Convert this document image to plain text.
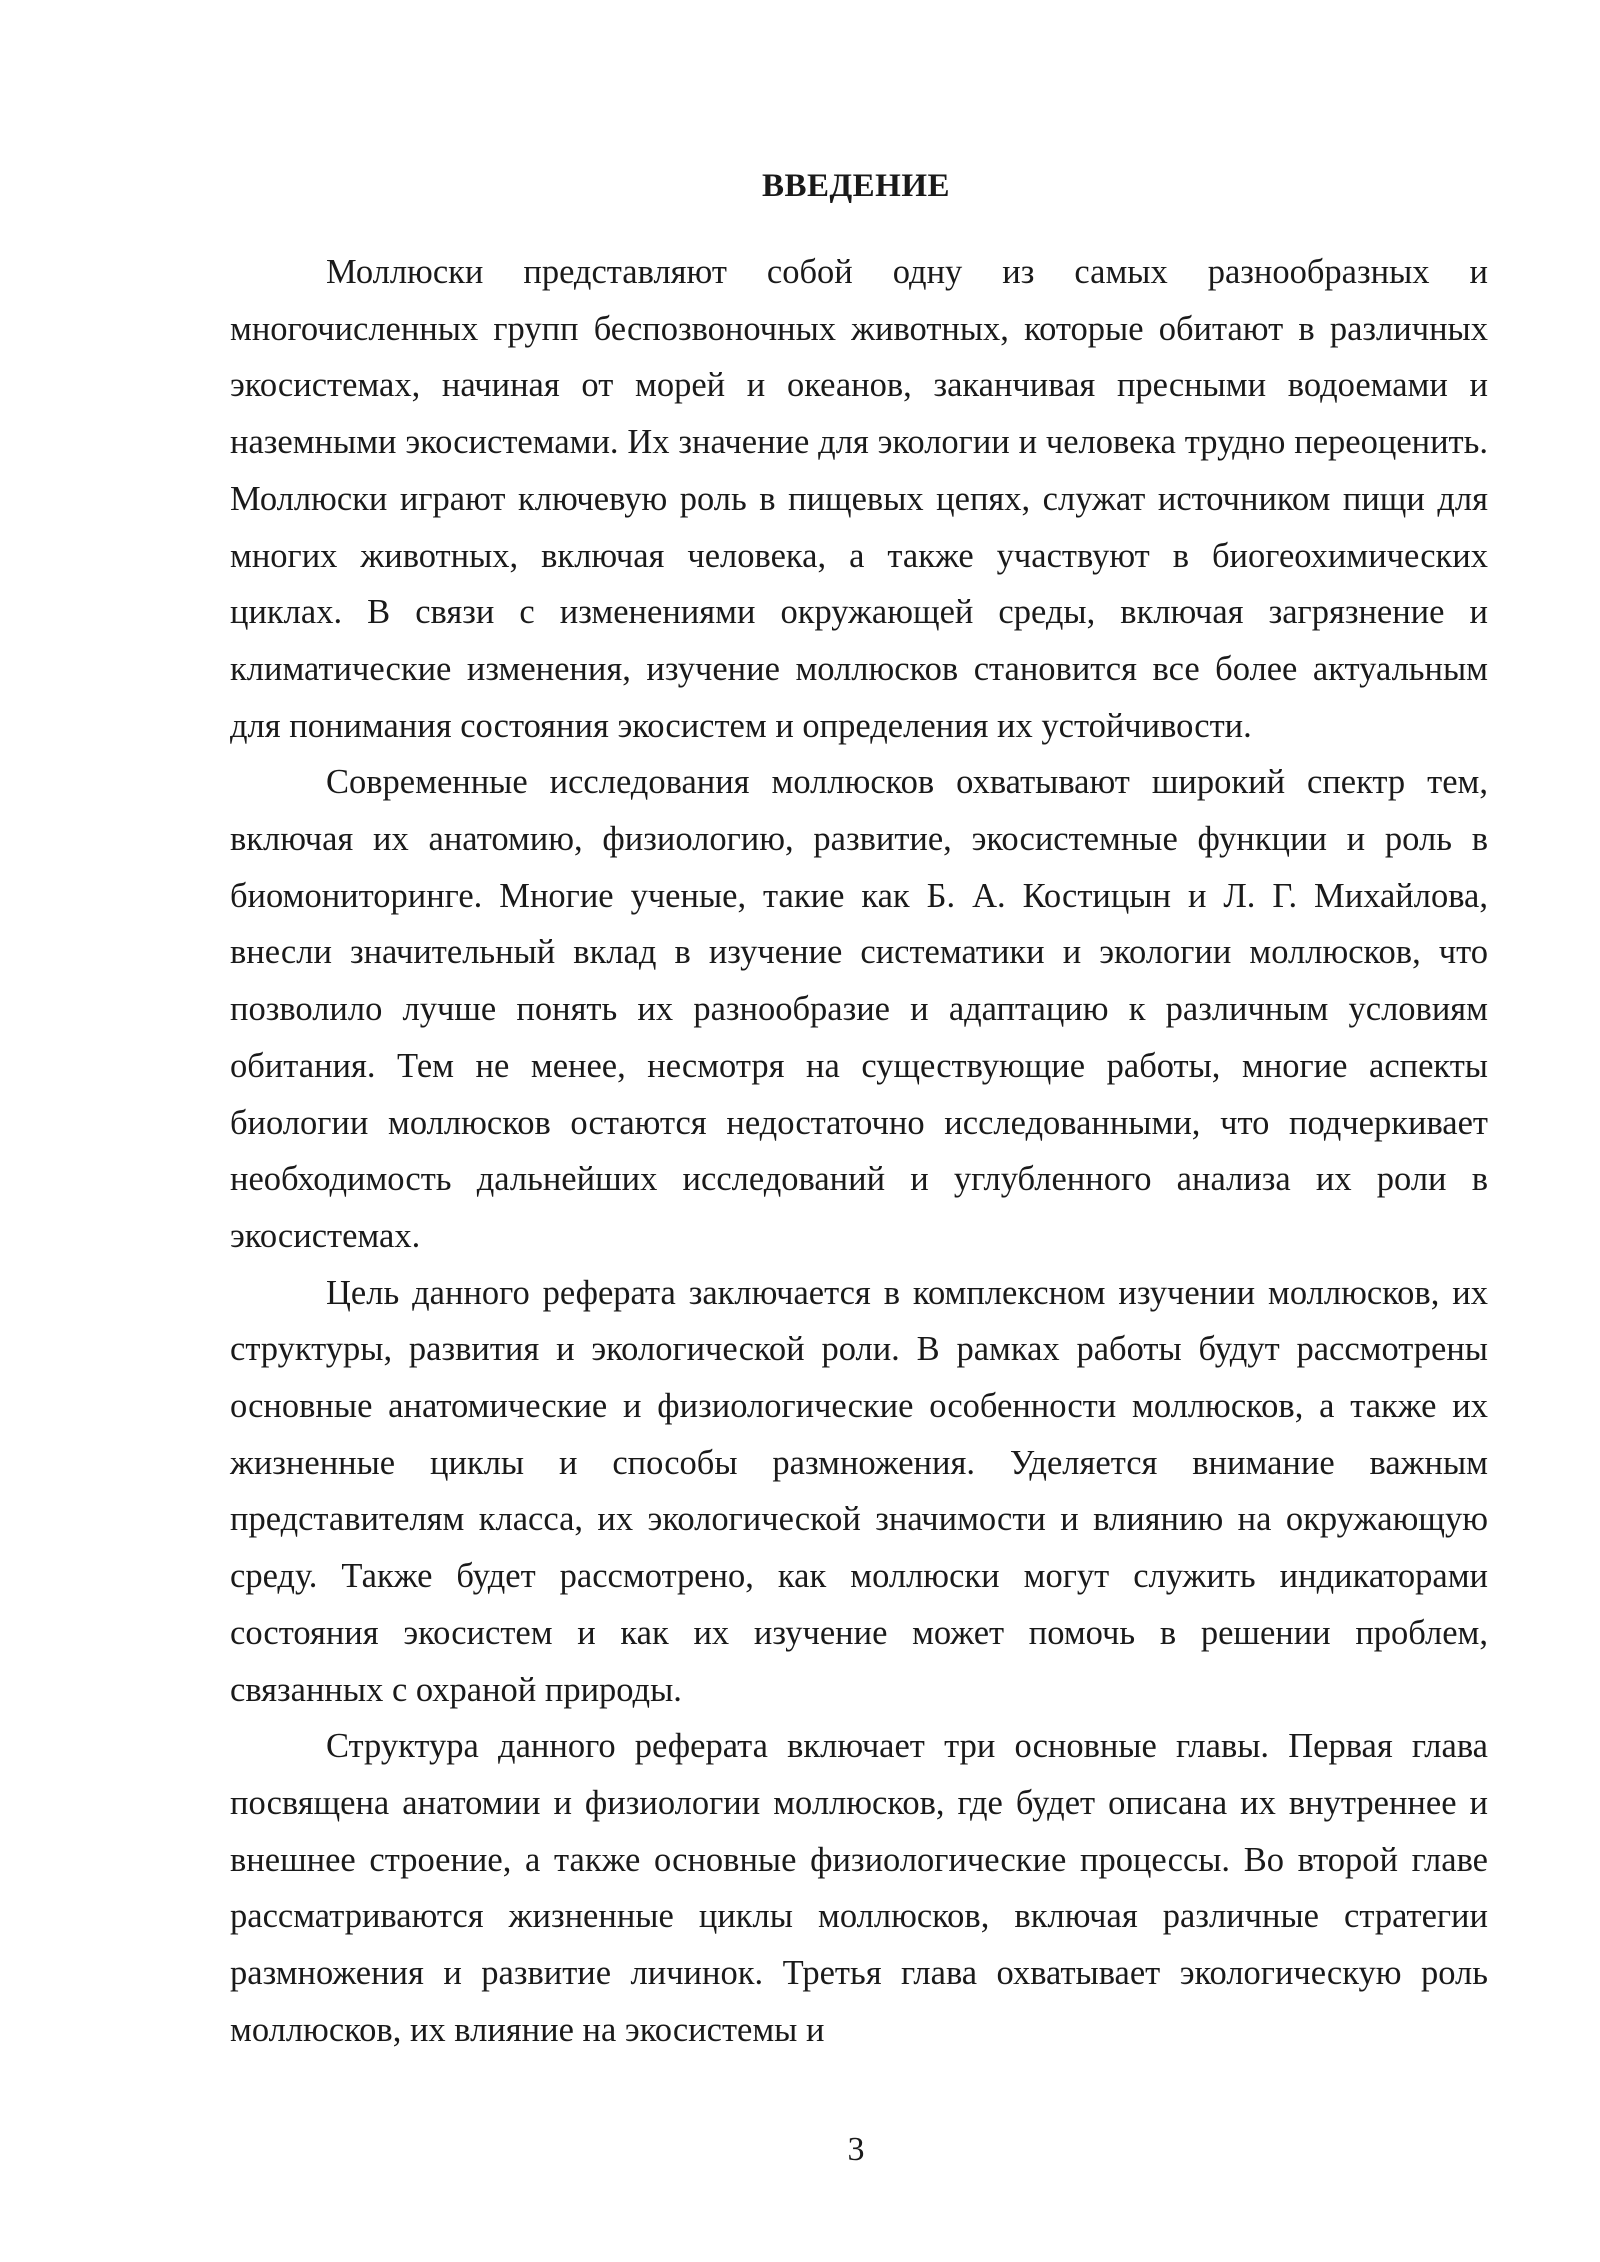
ВВЕДЕНИЕ

Моллюски представляют собой одну из самых разнообразных и многочисленных групп беспозвоночных животных, которые обитают в различных экосистемах, начиная от морей и океанов, заканчивая пресными водоемами и наземными экосистемами. Их значение для экологии и человека трудно переоценить. Моллюски играют ключевую роль в пищевых цепях, служат источником пищи для многих животных, включая человека, а также участвуют в биогеохимических циклах. В связи с изменениями окружающей среды, включая загрязнение и климатические изменения, изучение моллюсков становится все более актуальным для понимания состояния экосистем и определения их устойчивости.

Современные исследования моллюсков охватывают широкий спектр тем, включая их анатомию, физиологию, развитие, экосистемные функции и роль в биомониторинге. Многие ученые, такие как Б. А. Костицын и Л. Г. Михайлова, внесли значительный вклад в изучение систематики и экологии моллюсков, что позволило лучше понять их разнообразие и адаптацию к различным условиям обитания. Тем не менее, несмотря на существующие работы, многие аспекты биологии моллюсков остаются недостаточно исследованными, что подчеркивает необходимость дальнейших исследований и углубленного анализа их роли в экосистемах.

Цель данного реферата заключается в комплексном изучении моллюсков, их структуры, развития и экологической роли. В рамках работы будут рассмотрены основные анатомические и физиологические особенности моллюсков, а также их жизненные циклы и способы размножения. Уделяется внимание важным представителям класса, их экологической значимости и влиянию на окружающую среду. Также будет рассмотрено, как моллюски могут служить индикаторами состояния экосистем и как их изучение может помочь в решении проблем, связанных с охраной природы.

Структура данного реферата включает три основные главы. Первая глава посвящена анатомии и физиологии моллюсков, где будет описана их внутреннее и внешнее строение, а также основные физиологические процессы. Во второй главе рассматриваются жизненные циклы моллюсков, включая различные стратегии размножения и развитие личинок. Третья глава охватывает экологическую роль моллюсков, их влияние на экосистемы и

3
